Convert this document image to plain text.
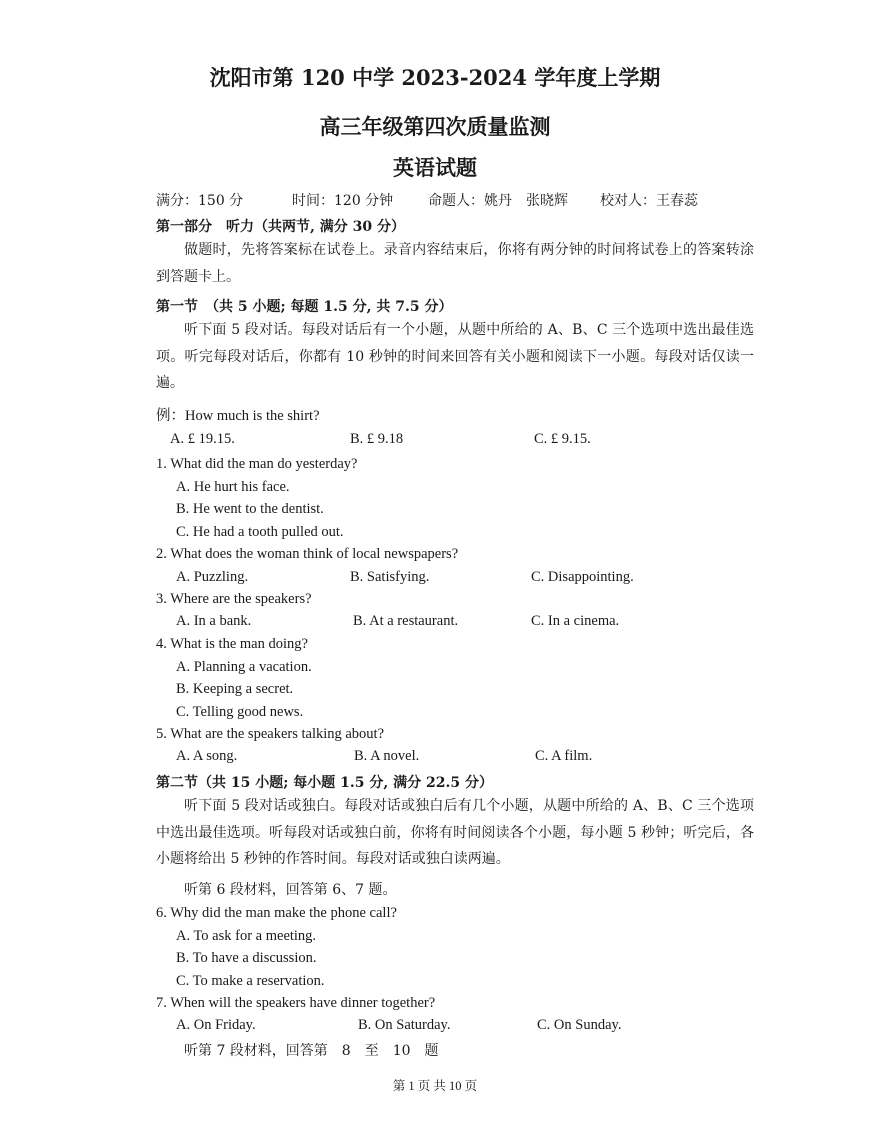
沈阳市第 120 中学 2023-2024 学年度上学期
高三年级第四次质量监测
英语试题
满分：150 分	时间：120 分钟 命题人：姚丹　张晓辉 校对人：王春蕊
第一部分　听力（共两节, 满分 30 分）
做题时，先将答案标在试卷上。录音内容结束后，你将有两分钟的时间将试卷上的答案转涂到答题卡上。
第一节　（共 5 小题; 每题 1.5 分, 共 7.5 分）
听下面 5 段对话。每段对话后有一个小题，从题中所给的 A、B、C 三个选项中选出最佳选项。听完每段对话后，你都有 10 秒钟的时间来回答有关小题和阅读下一小题。每段对话仅读一遍。
例：How much is the shirt?
A. £ 19.15.	B. £ 9.18	C. £ 9.15.
1. What did the man do yesterday?
A. He hurt his face.
B. He went to the dentist.
C. He had a tooth pulled out.
2. What does the woman think of local newspapers?
A. Puzzling.	B. Satisfying.	C. Disappointing.
3. Where are the speakers?
A. In a bank.	B. At a restaurant.	C. In a cinema.
4. What is the man doing?
A. Planning a vacation.
B. Keeping a secret.
C. Telling good news.
5. What are the speakers talking about?
A. A song.	B. A novel.	C. A film.
第二节（共 15 小题; 每小题 1.5 分, 满分 22.5 分）
听下面 5 段对话或独白。每段对话或独白后有几个小题，从题中所给的 A、B、C 三个选项中选出最佳选项。听每段对话或独白前，你将有时间阅读各个小题，每小题 5 秒钟；听完后，各小题将给出 5 秒钟的作答时间。每段对话或独白读两遍。
听第 6 段材料，回答第 6、7 题。
6. Why did the man make the phone call?
A. To ask for a meeting.
B. To have a discussion.
C. To make a reservation.
7. When will the speakers have dinner together?
A. On Friday.	B. On Saturday.	C. On Sunday.
听第 7 段材料，回答第　8　至　10　题
第 1 页 共 10 页
